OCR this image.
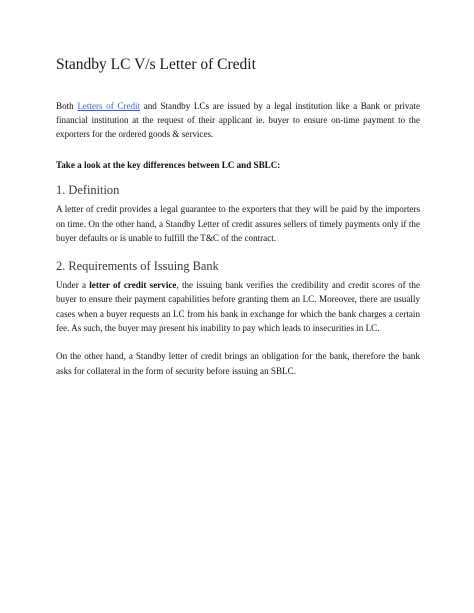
Standby LC V/s Letter of Credit

Both Letters of Credit and Standby LCs are issued by a legal institution like a Bank or private financial institution at the request of their applicant ie. buyer to ensure on-time payment to the exporters for the ordered goods & services.

Take a look at the key differences between LC and SBLC:

1. Definition

A letter of credit provides a legal guarantee to the exporters that they will be paid by the importers on time. On the other hand, a Standby Letter of credit assures sellers of timely payments only if the buyer defaults or is unable to fulfill the T&C of the contract.

2. Requirements of Issuing Bank

Under a letter of credit service, the issuing bank verifies the credibility and credit scores of the buyer to ensure their payment capabilities before granting them an LC. Moreover, there are usually cases when a buyer requests an LC from his bank in exchange for which the bank charges a certain fee. As such, the buyer may present his inability to pay which leads to insecurities in LC.

On the other hand, a Standby letter of credit brings an obligation for the bank, therefore the bank asks for collateral in the form of security before issuing an SBLC.
